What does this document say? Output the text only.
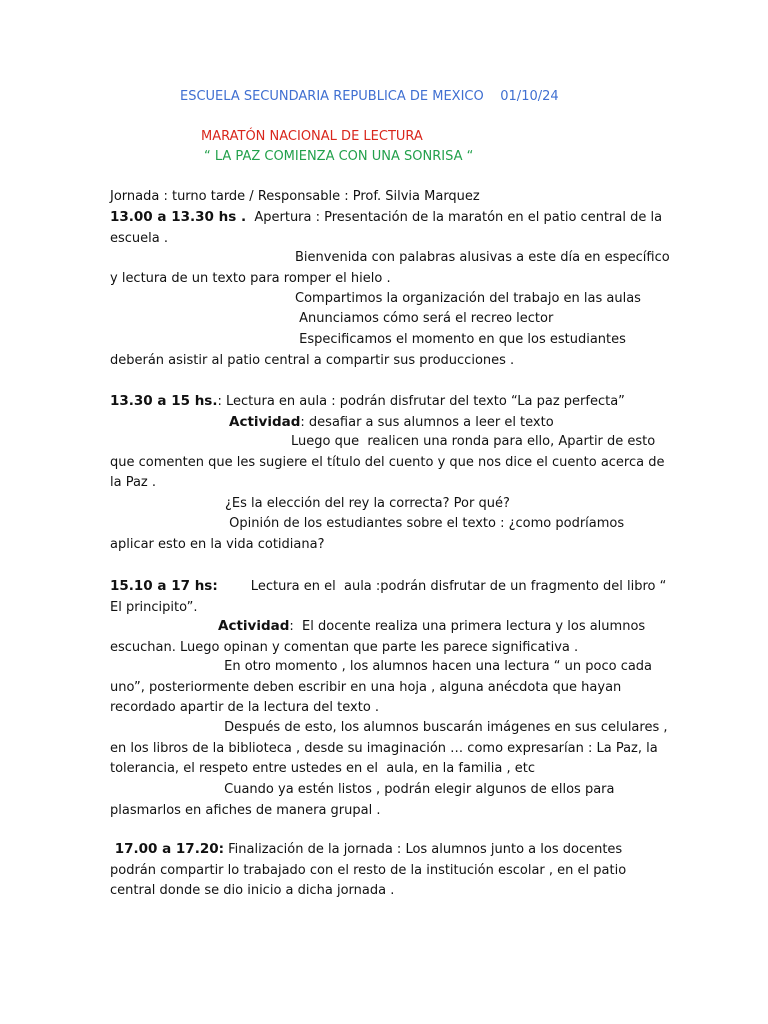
ESCUELA SECUNDARIA REPUBLICA DE MEXICO 01/10/24
MARATÓN NACIONAL DE LECTURA
“ LA PAZ COMIENZA CON UNA SONRISA “
Jornada : turno tarde / Responsable : Prof. Silvia Marquez
13.00 a 13.30 hs .  Apertura : Presentación de la maratón en el patio central de la escuela .
Bienvenida con palabras alusivas a este día en específico y lectura de un texto para romper el hielo .
Compartimos la organización del trabajo en las aulas
Anunciamos cómo será el recreo lector
Especificamos el momento en que los estudiantes deberán asistir al patio central a compartir sus producciones .
13.30 a 15 hs.: Lectura en aula : podrán disfrutar del texto “La paz perfecta”
Actividad: desafiar a sus alumnos a leer el texto
Luego que  realicen una ronda para ello, Apartir de esto que comenten que les sugiere el título del cuento y que nos dice el cuento acerca de la Paz .
¿Es la elección del rey la correcta? Por qué?
Opinión de los estudiantes sobre el texto : ¿como podríamos aplicar esto en la vida cotidiana?
15.10 a 17 hs:        Lectura en el  aula :podrán disfrutar de un fragmento del libro “ El principito”.
Actividad:  El docente realiza una primera lectura y los alumnos escuchan. Luego opinan y comentan que parte les parece significativa .
En otro momento , los alumnos hacen una lectura “ un poco cada uno”, posteriormente deben escribir en una hoja , alguna anécdota que hayan recordado apartir de la lectura del texto .
Después de esto, los alumnos buscarán imágenes en sus celulares , en los libros de la biblioteca , desde su imaginación … como expresarían : La Paz, la tolerancia, el respeto entre ustedes en el  aula, en la familia , etc
Cuando ya estén listos , podrán elegir algunos de ellos para plasmarlos en afiches de manera grupal .
17.00 a 17.20: Finalización de la jornada : Los alumnos junto a los docentes podrán compartir lo trabajado con el resto de la institución escolar , en el patio central donde se dio inicio a dicha jornada .
